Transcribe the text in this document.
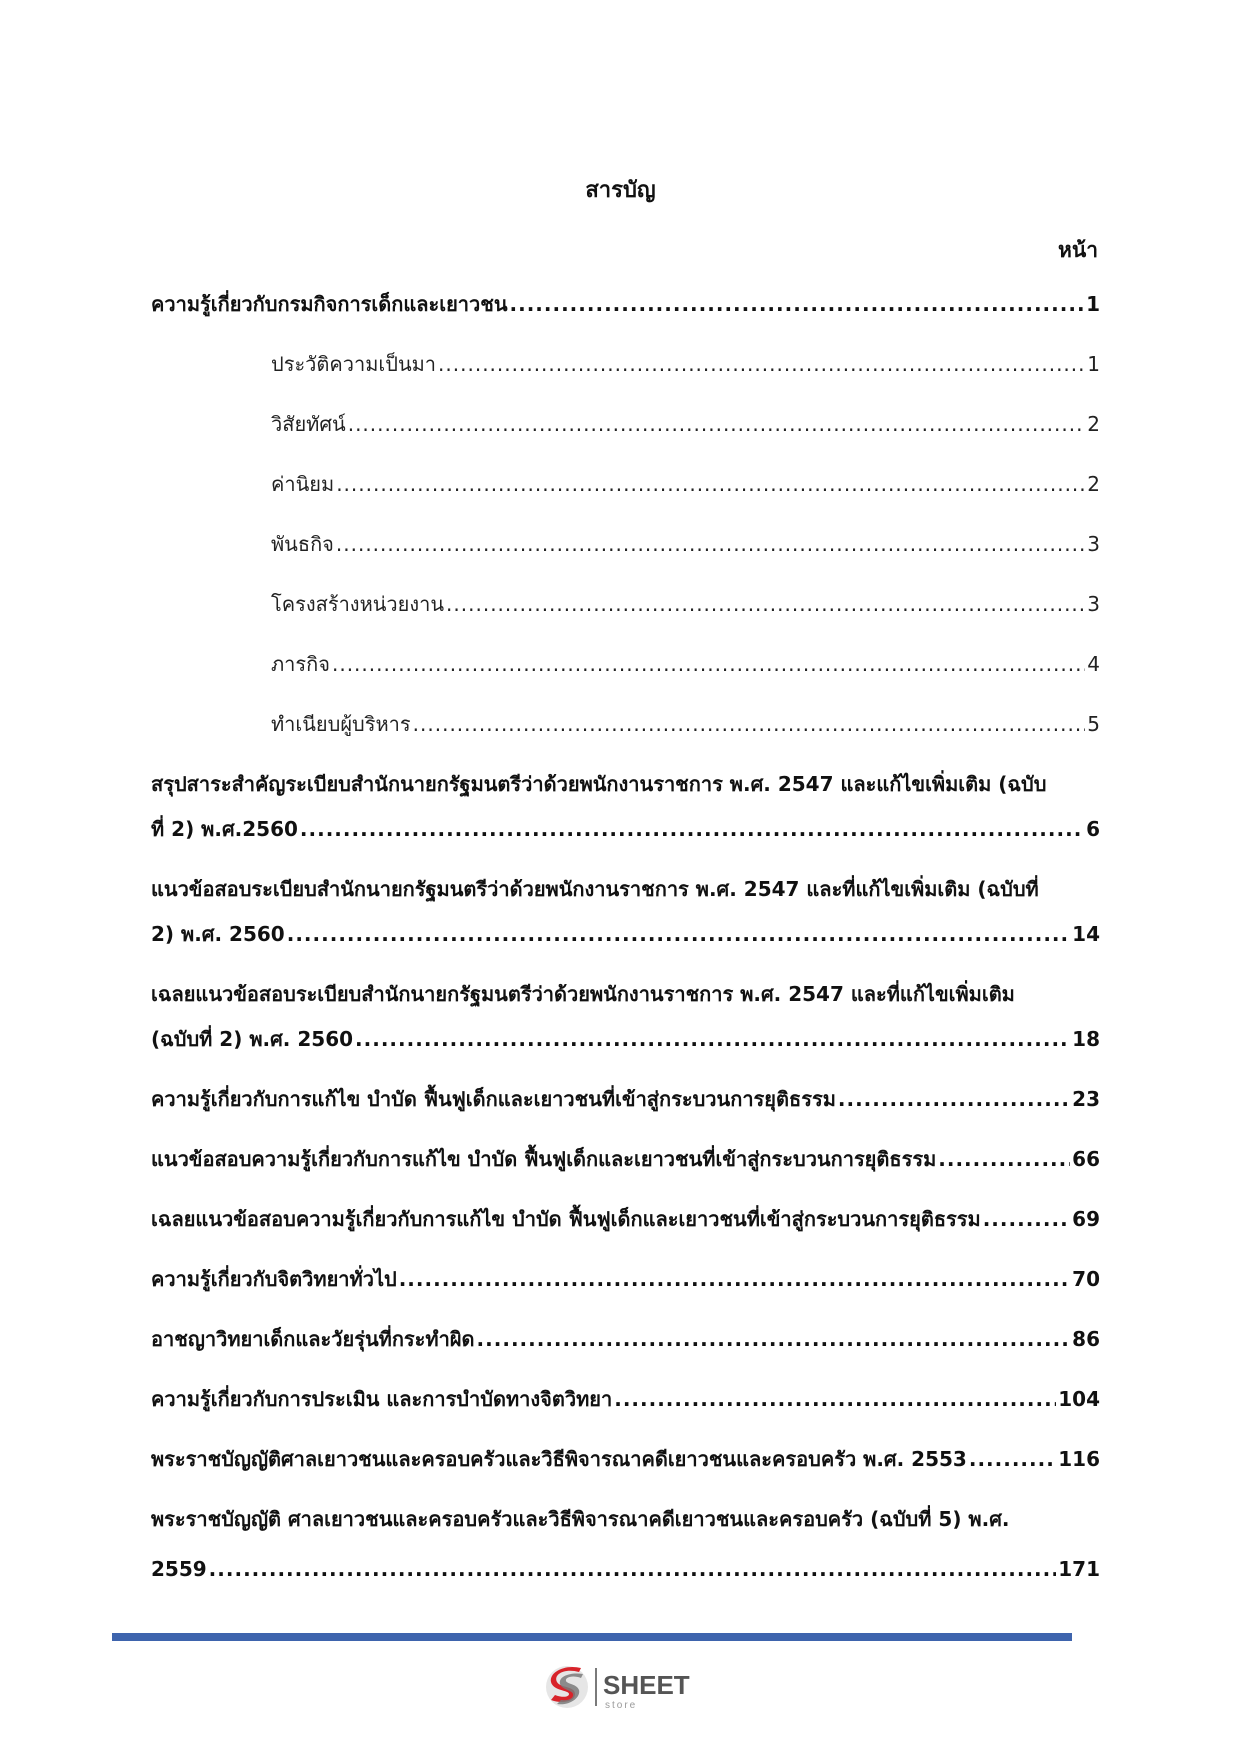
สารบัญ
หน้า
ความรู้เกี่ยวกับกรมกิจการเด็กและเยาวชน .....	1
ประวัติความเป็นมา .....	1
วิสัยทัศน์ .....	2
ค่านิยม .....	2
พันธกิจ .....	3
โครงสร้างหน่วยงาน .....	3
ภารกิจ .....	4
ทำเนียบผู้บริหาร .....	5
สรุปสาระสำคัญระเบียบสำนักนายกรัฐมนตรีว่าด้วยพนักงานราชการ พ.ศ. 2547 และแก้ไขเพิ่มเติม (ฉบับ
ที่ 2) พ.ศ.2560 .....	6
แนวข้อสอบระเบียบสำนักนายกรัฐมนตรีว่าด้วยพนักงานราชการ พ.ศ. 2547 และที่แก้ไขเพิ่มเติม (ฉบับที่
2) พ.ศ. 2560 .....	14
เฉลยแนวข้อสอบระเบียบสำนักนายกรัฐมนตรีว่าด้วยพนักงานราชการ พ.ศ. 2547 และที่แก้ไขเพิ่มเติม
(ฉบับที่ 2) พ.ศ. 2560 .....	18
ความรู้เกี่ยวกับการแก้ไข บำบัด ฟื้นฟูเด็กและเยาวชนที่เข้าสู่กระบวนการยุติธรรม .....	23
แนวข้อสอบความรู้เกี่ยวกับการแก้ไข บำบัด ฟื้นฟูเด็กและเยาวชนที่เข้าสู่กระบวนการยุติธรรม .....	66
เฉลยแนวข้อสอบความรู้เกี่ยวกับการแก้ไข บำบัด ฟื้นฟูเด็กและเยาวชนที่เข้าสู่กระบวนการยุติธรรม .....	69
ความรู้เกี่ยวกับจิตวิทยาทั่วไป .....	70
อาชญาวิทยาเด็กและวัยรุ่นที่กระทำผิด .....	86
ความรู้เกี่ยวกับการประเมิน และการบำบัดทางจิตวิทยา .....	104
พระราชบัญญัติศาลเยาวชนและครอบครัวและวิธีพิจารณาคดีเยาวชนและครอบครัว พ.ศ. 2553 .....	116
พระราชบัญญัติ ศาลเยาวชนและครอบครัวและวิธีพิจารณาคดีเยาวชนและครอบครัว (ฉบับที่ 5) พ.ศ.
2559 .....	171
SHEET
store
